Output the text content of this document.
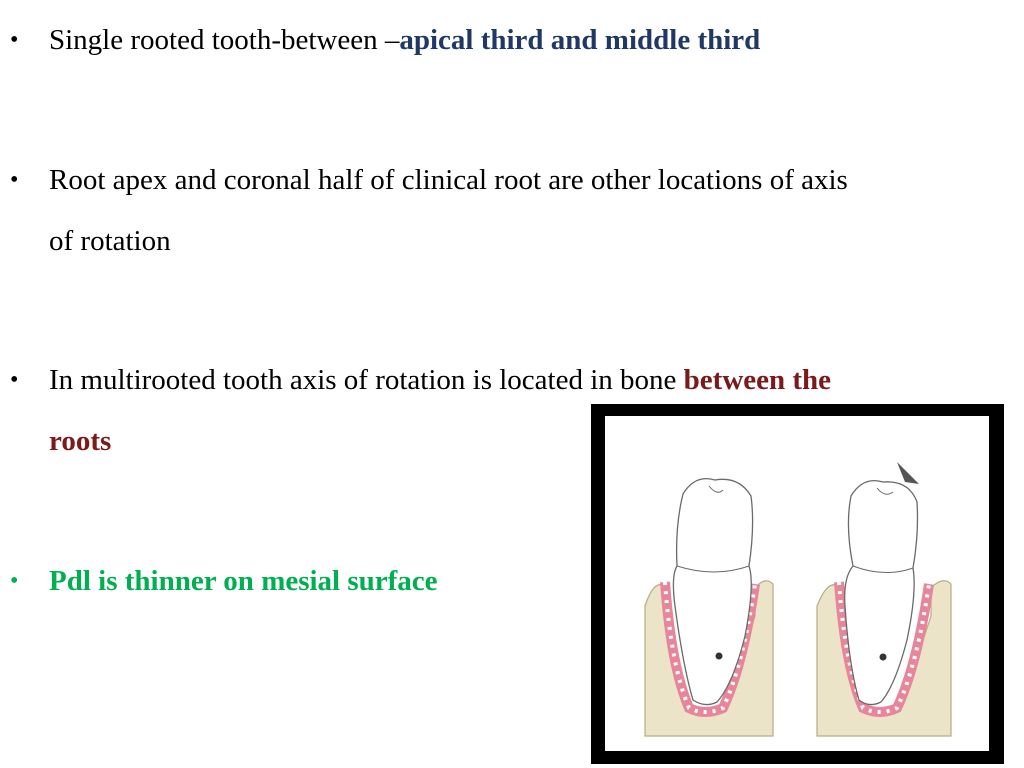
• Single rooted tooth-between –apical third and middle third
• Root apex and coronal half of clinical root are other locations of axis
of rotation
• In multirooted tooth axis of rotation is located in bone between the
roots
• Pdl is thinner on mesial surface
